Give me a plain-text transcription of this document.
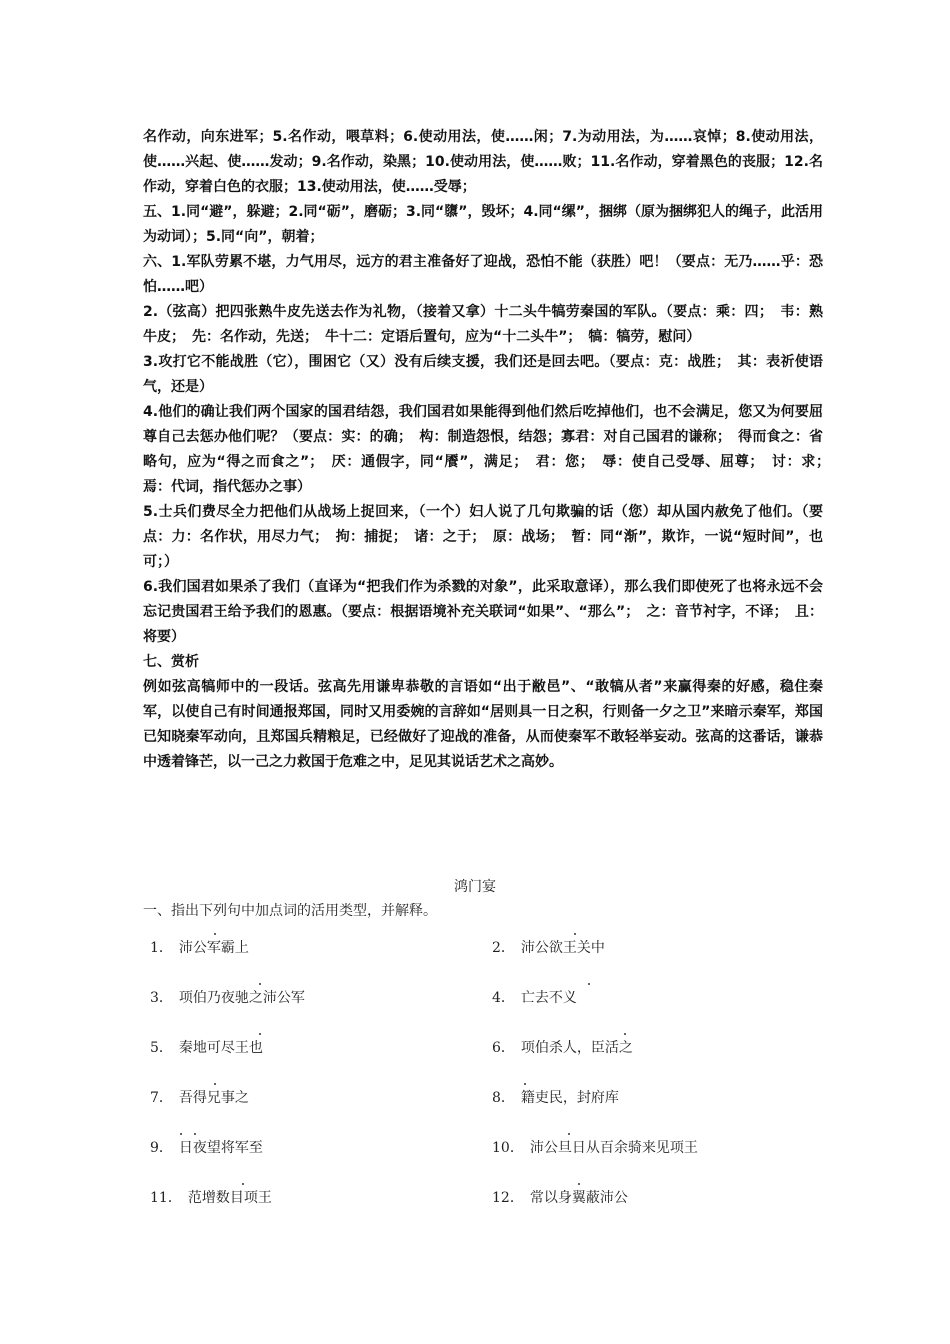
名作动，向东进军；5.名作动，喂草料；6.使动用法，使……闲；7.为动用法，为……哀悼；8.使动用法，使……兴起、使……发动；9.名作动，染黑；10.使动用法，使……败；11.名作动，穿着黑色的丧服；12.名作动，穿着白色的衣服；13.使动用法，使……受辱；

五、1.同“避”，躲避；2.同“砺”，磨砺；3.同“隳”，毁坏；4.同“缧”，捆绑（原为捆绑犯人的绳子，此活用为动词）；5.同“向”，朝着；

六、1.军队劳累不堪，力气用尽，远方的君主准备好了迎战，恐怕不能（获胜）吧！（要点：无乃……乎：恐怕……吧）

2.（弦高）把四张熟牛皮先送去作为礼物，（接着又拿）十二头牛犒劳秦国的军队。（要点：乘：四；　韦：熟牛皮；　先：名作动，先送；　牛十二：定语后置句，应为“十二头牛”；　犒：犒劳，慰问）

3.攻打它不能战胜（它），围困它（又）没有后续支援，我们还是回去吧。（要点：克：战胜；　其：表祈使语气，还是）

4.他们的确让我们两个国家的国君结怨，我们国君如果能得到他们然后吃掉他们，也不会满足，您又为何要屈尊自己去惩办他们呢？（要点：实：的确；　构：制造怨恨，结怨；寡君：对自己国君的谦称；　得而食之：省略句，应为“得之而食之”；　厌：通假字，同“餍”，满足；　君：您；　辱：使自己受辱、屈尊；　讨：求；　焉：代词，指代惩办之事）

5.士兵们费尽全力把他们从战场上捉回来，（一个）妇人说了几句欺骗的话（您）却从国内赦免了他们。（要点：力：名作状，用尽力气；　拘：捕捉；　诸：之于；　原：战场；　暂：同“渐”，欺诈，一说“短时间”，也可；）

6.我们国君如果杀了我们（直译为“把我们作为杀戮的对象”，此采取意译），那么我们即使死了也将永远不会忘记贵国君王给予我们的恩惠。（要点：根据语境补充关联词“如果”、“那么”；　之：音节衬字，不译；　且：将要）

七、赏析

例如弦高犒师中的一段话。弦高先用谦卑恭敬的言语如“出于敝邑”、“敢犒从者”来赢得秦的好感，稳住秦军，以使自己有时间通报郑国，同时又用委婉的言辞如“居则具一日之积，行则备一夕之卫”来暗示秦军，郑国已知晓秦军动向，且郑国兵精粮足，已经做好了迎战的准备，从而使秦军不敢轻举妄动。弦高的这番话，谦恭中透着锋芒，以一己之力救国于危难之中，足见其说话艺术之高妙。

鸿门宴
一、指出下列句中加点词的活用类型，并解释。
1． 沛公军霸上
3． 项伯乃夜驰之沛公军
5． 秦地可尽王也
7． 吾得兄事之
9． 日夜望将军至
11． 范增数目项王
2． 沛公欲王关中
4． 亡去不义
6． 项伯杀人，臣活之
8． 籍吏民，封府库
10． 沛公旦日从百余骑来见项王
12． 常以身翼蔽沛公
